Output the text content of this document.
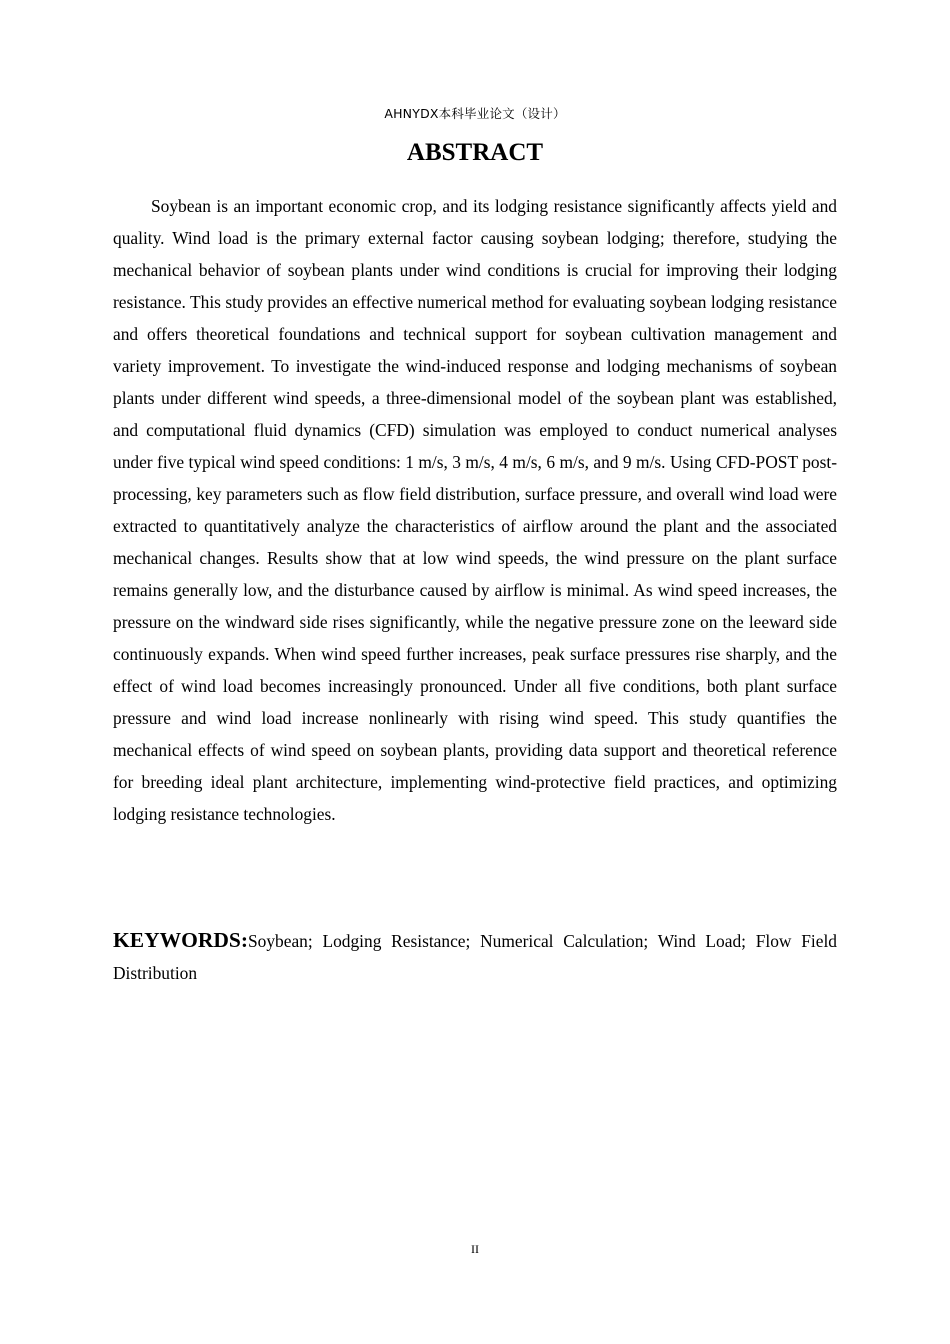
AHNYDX本科毕业论文（设计）
ABSTRACT

Soybean is an important economic crop, and its lodging resistance significantly affects yield and quality. Wind load is the primary external factor causing soybean lodging; therefore, studying the mechanical behavior of soybean plants under wind conditions is crucial for improving their lodging resistance. This study provides an effective numerical method for evaluating soybean lodging resistance and offers theoretical foundations and technical support for soybean cultivation management and variety improvement. To investigate the wind-induced response and lodging mechanisms of soybean plants under different wind speeds, a three-dimensional model of the soybean plant was established, and computational fluid dynamics (CFD) simulation was employed to conduct numerical analyses under five typical wind speed conditions: 1 m/s, 3 m/s, 4 m/s, 6 m/s, and 9 m/s. Using CFD-POST post-processing, key parameters such as flow field distribution, surface pressure, and overall wind load were extracted to quantitatively analyze the characteristics of airflow around the plant and the associated mechanical changes. Results show that at low wind speeds, the wind pressure on the plant surface remains generally low, and the disturbance caused by airflow is minimal. As wind speed increases, the pressure on the windward side rises significantly, while the negative pressure zone on the leeward side continuously expands. When wind speed further increases, peak surface pressures rise sharply, and the effect of wind load becomes increasingly pronounced. Under all five conditions, both plant surface pressure and wind load increase nonlinearly with rising wind speed. This study quantifies the mechanical effects of wind speed on soybean plants, providing data support and theoretical reference for breeding ideal plant architecture, implementing wind-protective field practices, and optimizing lodging resistance technologies.

KEYWORDS:Soybean; Lodging Resistance; Numerical Calculation; Wind Load; Flow Field Distribution

II
